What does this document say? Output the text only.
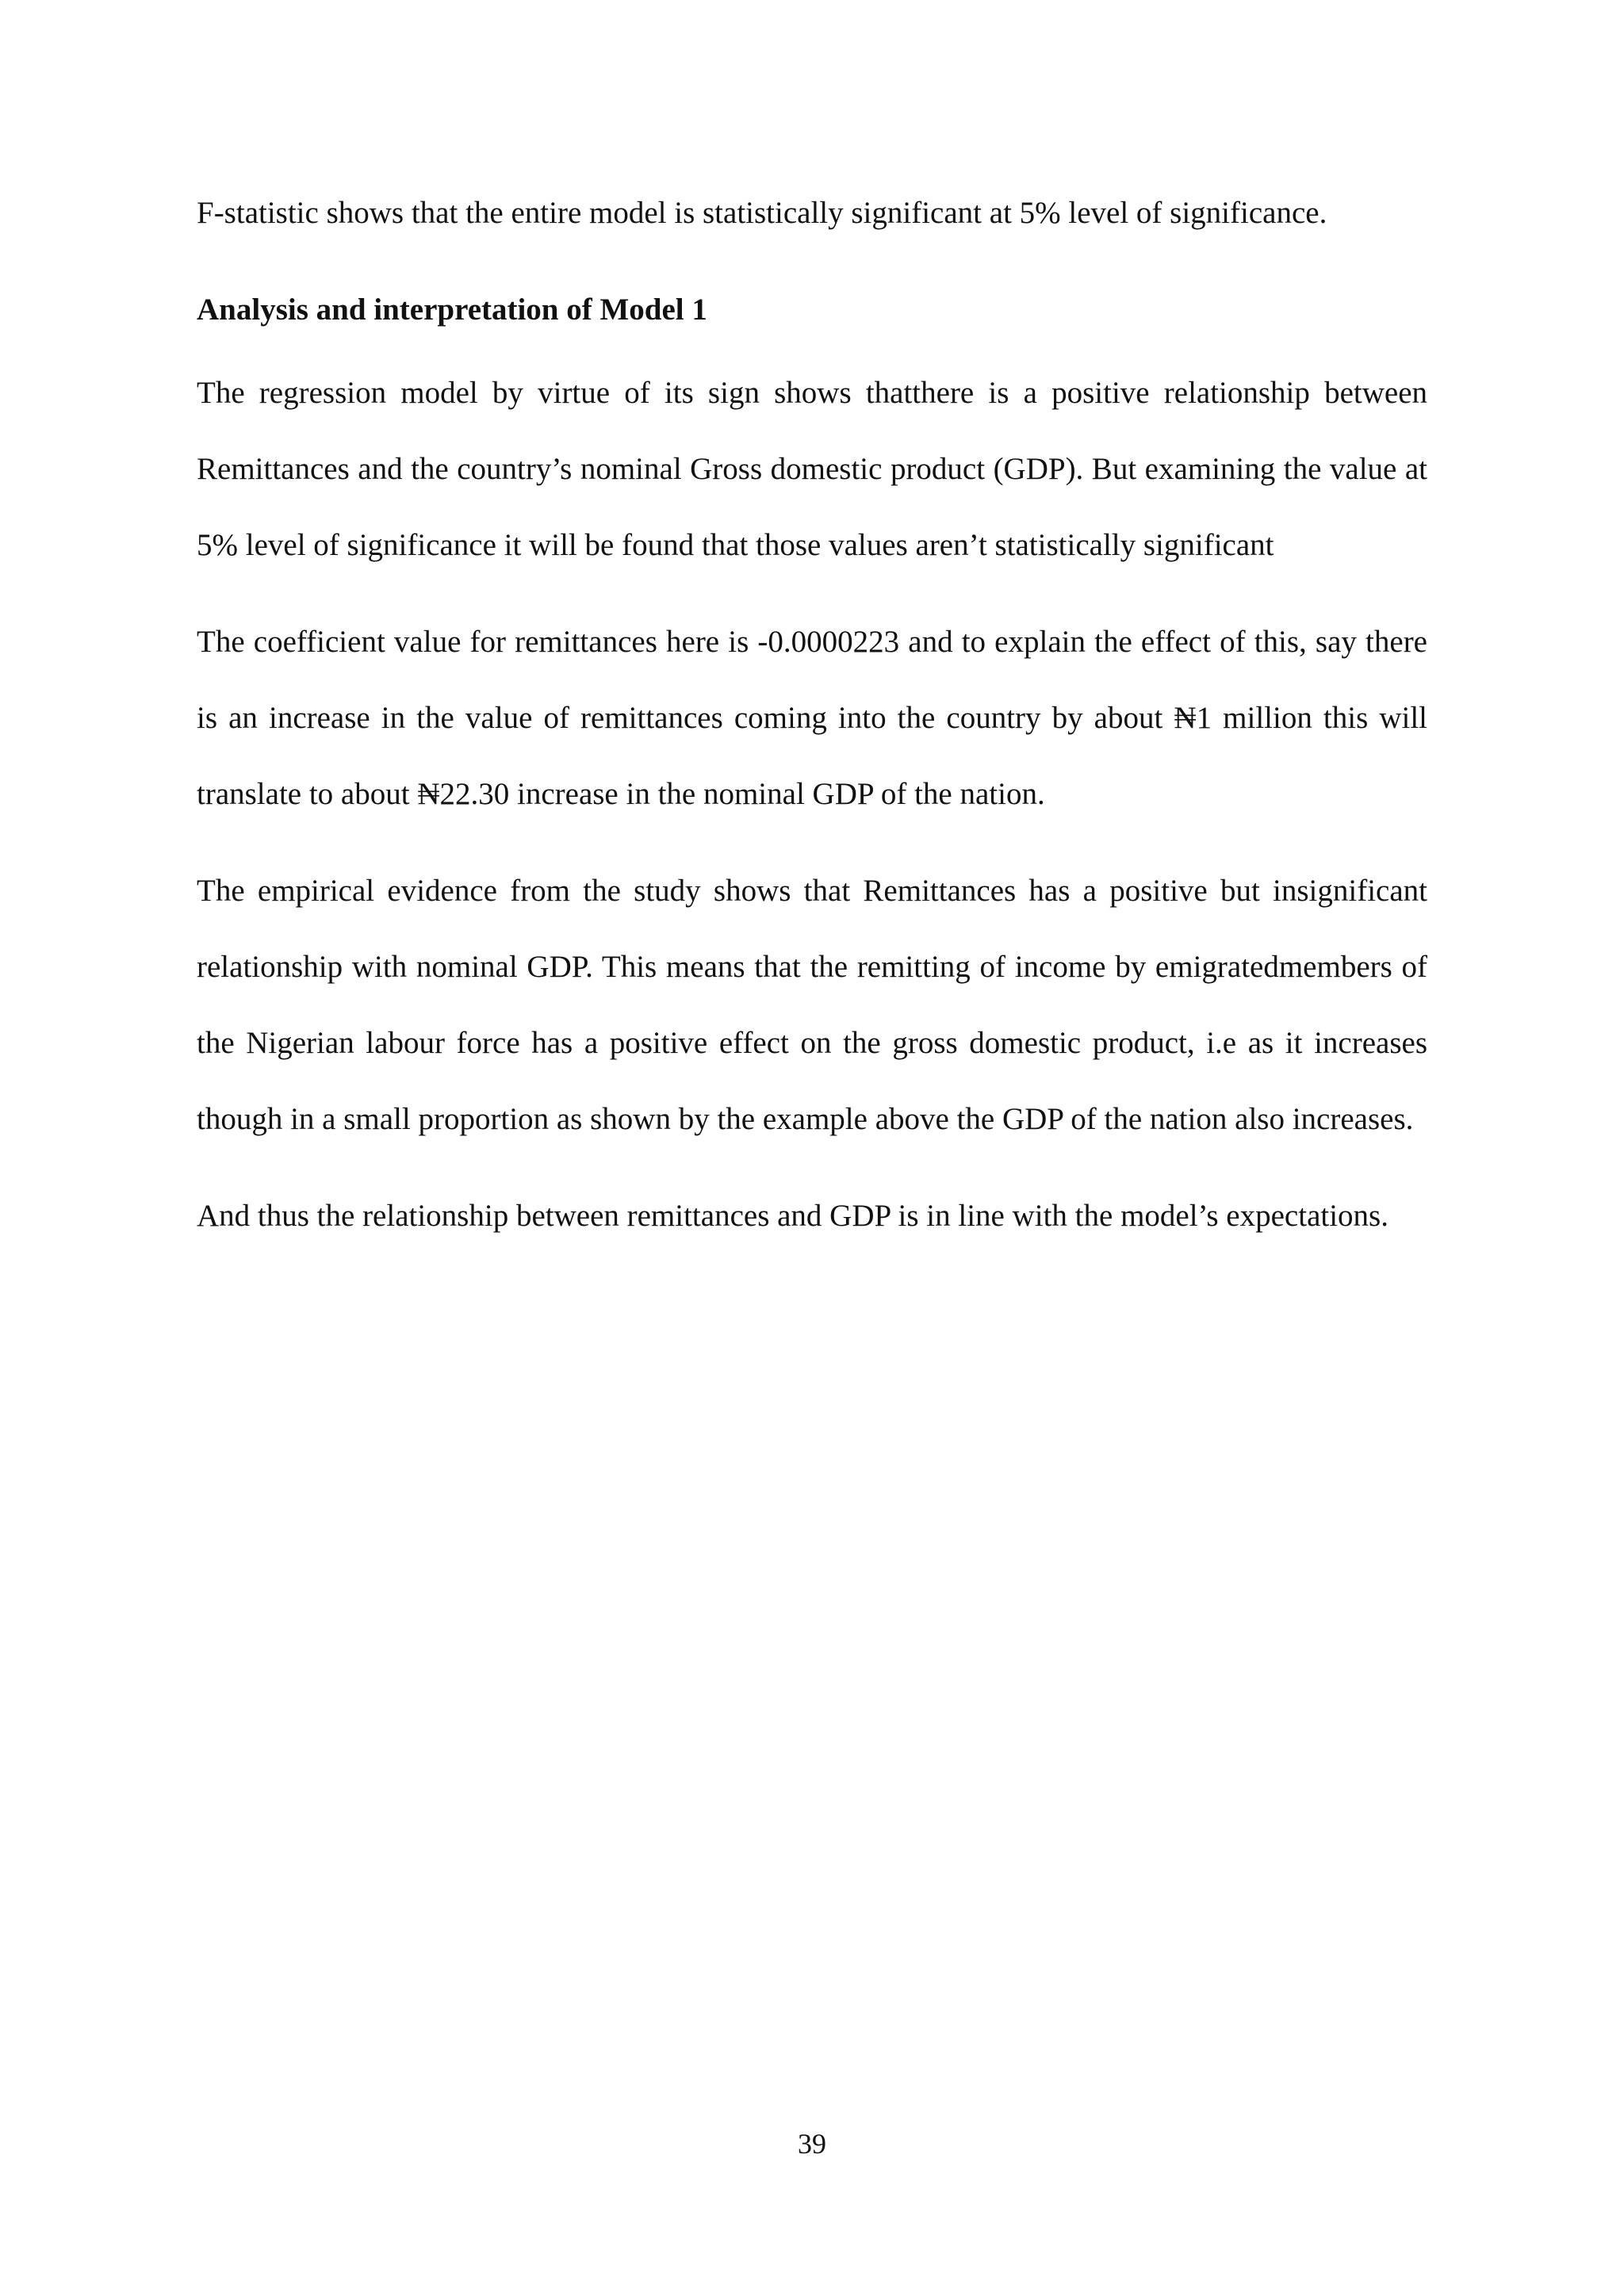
F-statistic shows that the entire model is statistically significant at 5% level of significance.

Analysis and interpretation of Model 1

The regression model by virtue of its sign shows thatthere is a positive relationship between Remittances and the country’s nominal Gross domestic product (GDP). But examining the value at 5% level of significance it will be found that those values aren’t statistically significant

The coefficient value for remittances here is -0.0000223 and to explain the effect of this, say there is an increase in the value of remittances coming into the country by about ₦1 million this will translate to about ₦22.30 increase in the nominal GDP of the nation.

The empirical evidence from the study shows that Remittances has a positive but insignificant relationship with nominal GDP. This means that the remitting of income by emigratedmembers of the Nigerian labour force has a positive effect on the gross domestic product, i.e as it increases though in a small proportion as shown by the example above the GDP of the nation also increases.

And thus the relationship between remittances and GDP is in line with the model’s expectations.

39
